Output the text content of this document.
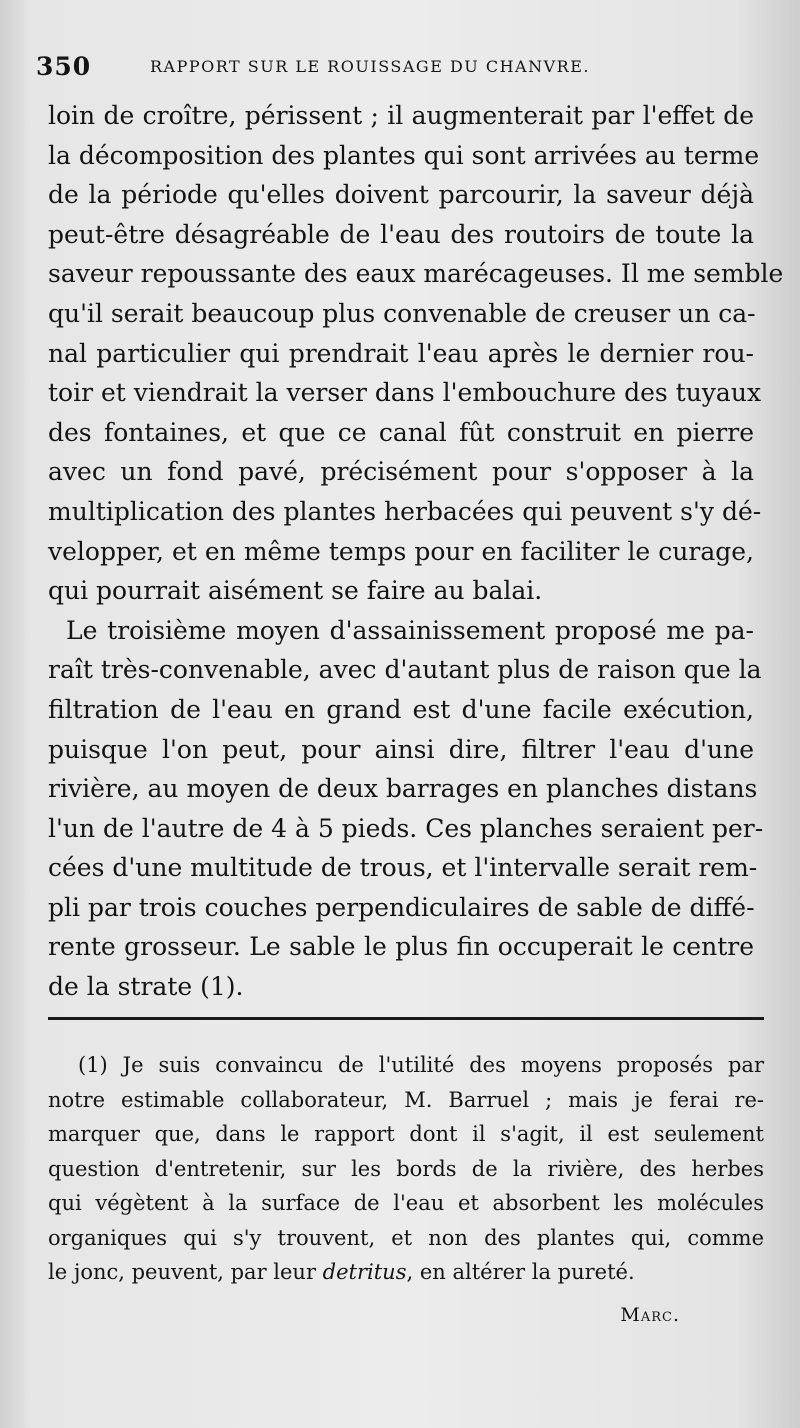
350	RAPPORT SUR LE ROUISSAGE DU CHANVRE.
loin de croître, périssent ; il augmenterait par l'effet de
la décomposition des plantes qui sont arrivées au terme
de la période qu'elles doivent parcourir, la saveur déjà
peut-être désagréable de l'eau des routoirs de toute la
saveur repoussante des eaux marécageuses. Il me semble
qu'il serait beaucoup plus convenable de creuser un ca-
nal particulier qui prendrait l'eau après le dernier rou-
toir et viendrait la verser dans l'embouchure des tuyaux
des fontaines, et que ce canal fût construit en pierre
avec un fond pavé, précisément pour s'opposer à la
multiplication des plantes herbacées qui peuvent s'y dé-
velopper, et en même temps pour en faciliter le curage,
qui pourrait aisément se faire au balai.
Le troisième moyen d'assainissement proposé me pa-
raît très-convenable, avec d'autant plus de raison que la
filtration de l'eau en grand est d'une facile exécution,
puisque l'on peut, pour ainsi dire, filtrer l'eau d'une
rivière, au moyen de deux barrages en planches distans
l'un de l'autre de 4 à 5 pieds. Ces planches seraient per-
cées d'une multitude de trous, et l'intervalle serait rem-
pli par trois couches perpendiculaires de sable de diffé-
rente grosseur. Le sable le plus fin occuperait le centre
de la strate (1).
(1) Je suis convaincu de l'utilité des moyens proposés par
notre estimable collaborateur, M. Barruel ; mais je ferai re-
marquer que, dans le rapport dont il s'agit, il est seulement
question d'entretenir, sur les bords de la rivière, des herbes
qui végètent à la surface de l'eau et absorbent les molécules
organiques qui s'y trouvent, et non des plantes qui, comme
le jonc, peuvent, par leur detritus, en altérer la pureté.
Marc.
